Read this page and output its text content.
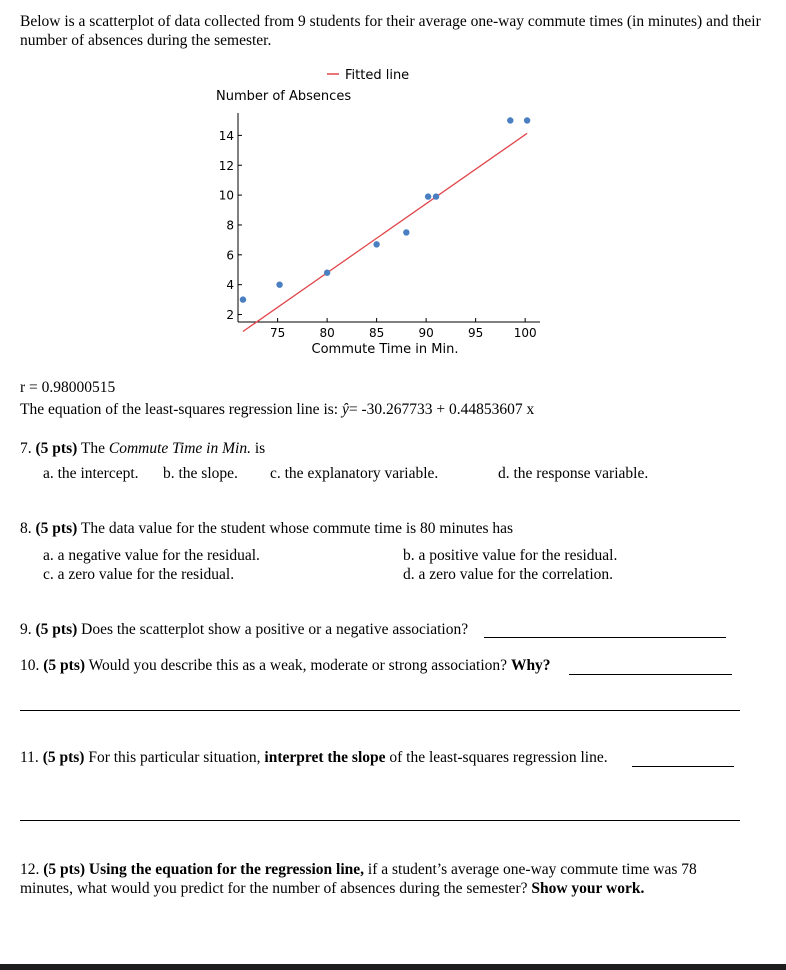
Below is a scatterplot of data collected from 9 students for their average one-way commute times (in minutes) and their number of absences during the semester.
Fitted line
Number of Absences
2
4
6
8
10
12
14
75	80	85	90	95	100
Commute Time in Min.
r = 0.98000515
The equation of the least-squares regression line is: ŷ= -30.267733 + 0.44853607 x
7. (5 pts) The Commute Time in Min. is
a. the intercept. b. the slope. c. the explanatory variable.	d. the response variable.
8. (5 pts) The data value for the student whose commute time is 80 minutes has
a. a negative value for the residual.	b. a positive value for the residual.
c. a zero value for the residual.	d. a zero value for the correlation.
9. (5 pts) Does the scatterplot show a positive or a negative association?
10. (5 pts) Would you describe this as a weak, moderate or strong association? Why?
11. (5 pts) For this particular situation, interpret the slope of the least-squares regression line.
12. (5 pts) Using the equation for the regression line, if a student’s average one-way commute time was 78 minutes, what would you predict for the number of absences during the semester? Show your work.
